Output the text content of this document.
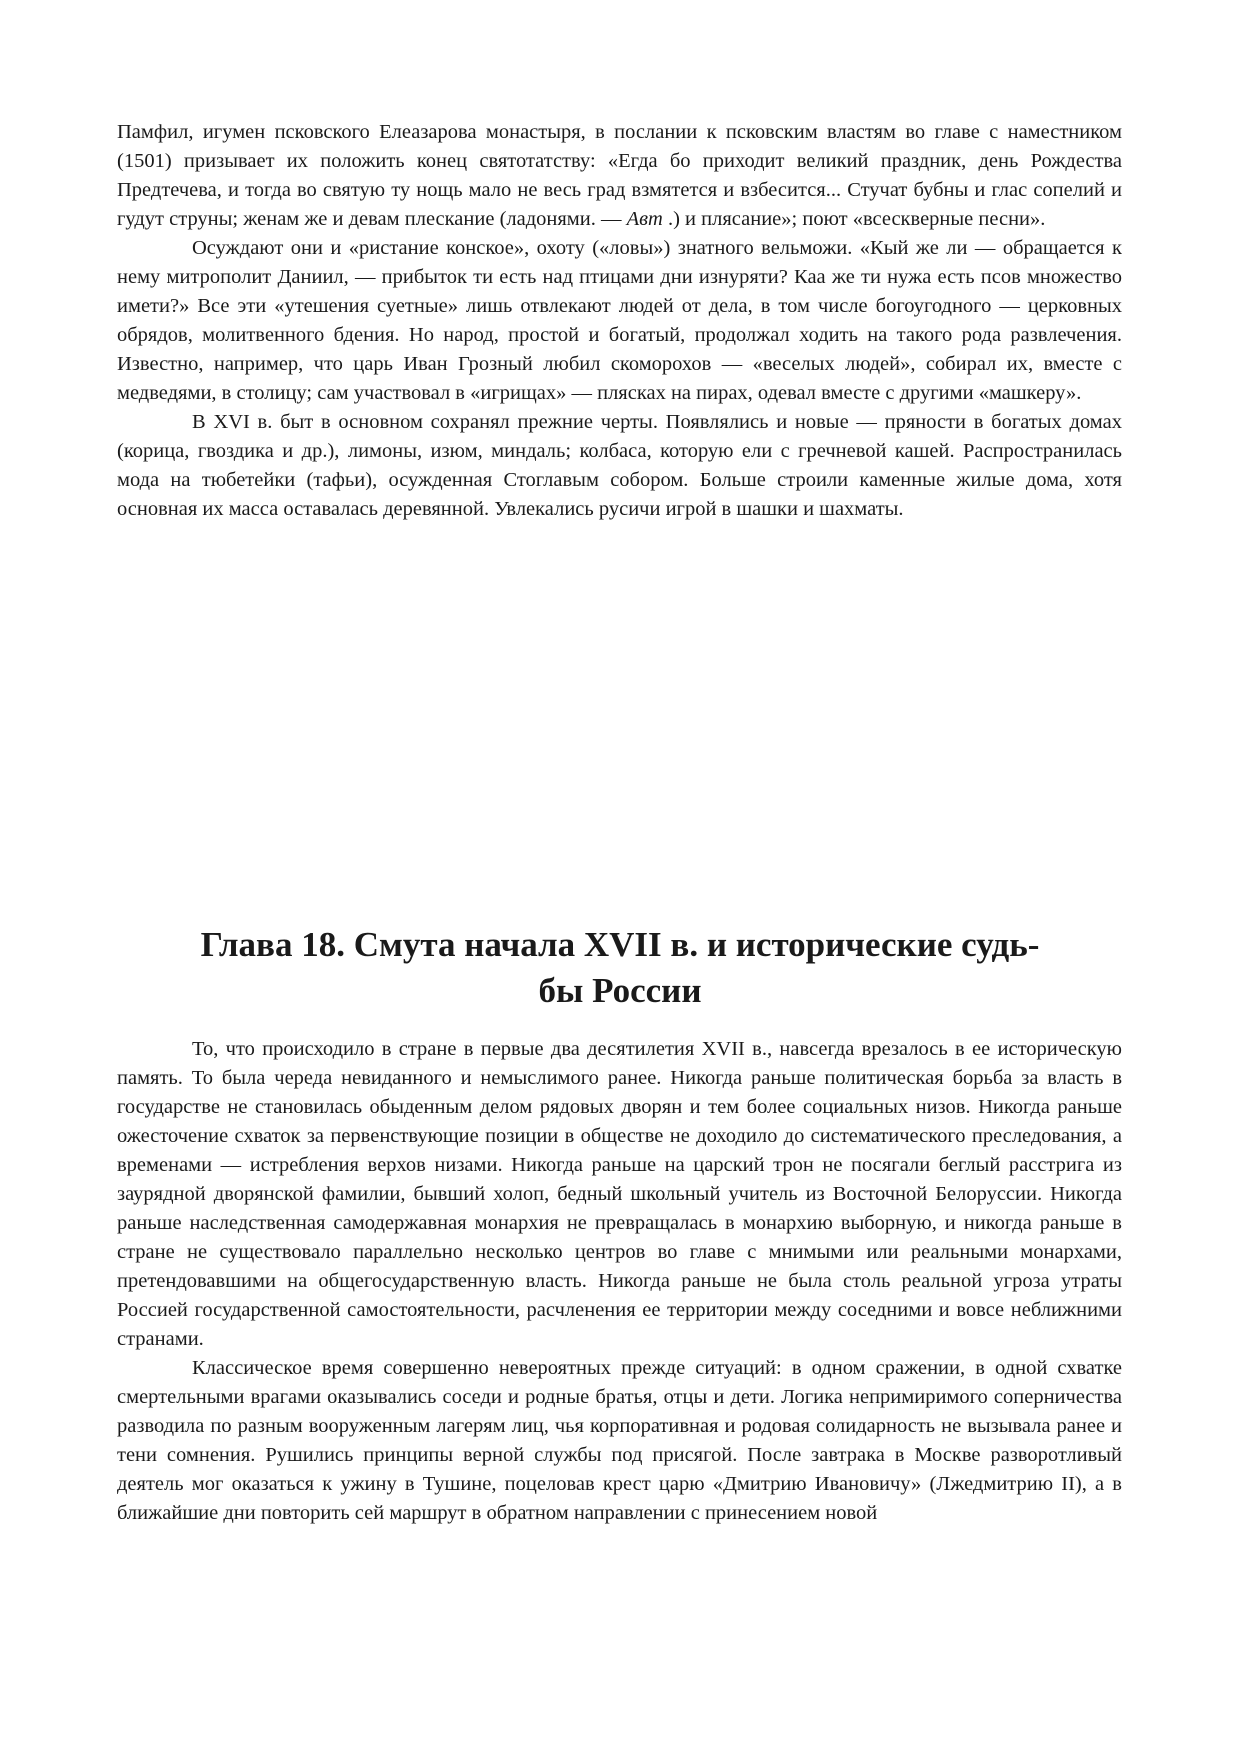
Памфил, игумен псковского Елеазарова монастыря, в послании к псковским властям во главе с наместником (1501) призывает их положить конец святотатству: «Егда бо приходит великий праздник, день Рождества Предтечева, и тогда во святую ту нощь мало не весь град взмятется и взбесится... Стучат бубны и глас сопелий и гудут струны; женам же и девам плескание (ладонями. — Авт .) и плясание»; поют «всескверные песни».

Осуждают они и «ристание конское», охоту («ловы») знатного вельможи. «Кый же ли — обращается к нему митрополит Даниил, — прибыток ти есть над птицами дни изнуряти? Каа же ти нужа есть псов множество имети?» Все эти «утешения суетные» лишь отвлекают людей от дела, в том числе богоугодного — церковных обрядов, молитвенного бдения. Но народ, простой и богатый, продолжал ходить на такого рода развлечения. Известно, например, что царь Иван Грозный любил скоморохов — «веселых людей», собирал их, вместе с медведями, в столицу; сам участвовал в «игрищах» — плясках на пирах, одевал вместе с другими «машкеру».

В XVI в. быт в основном сохранял прежние черты. Появлялись и новые — пряности в богатых домах (корица, гвоздика и др.), лимоны, изюм, миндаль; колбаса, которую ели с гречневой кашей. Распространилась мода на тюбетейки (тафьи), осужденная Стоглавым собором. Больше строили каменные жилые дома, хотя основная их масса оставалась деревянной. Увлекались русичи игрой в шашки и шахматы.

Глава 18. Смута начала XVII в. и исторические судь-
бы России

То, что происходило в стране в первые два десятилетия XVII в., навсегда врезалось в ее историческую память. То была череда невиданного и немыслимого ранее. Никогда раньше политическая борьба за власть в государстве не становилась обыденным делом рядовых дворян и тем более социальных низов. Никогда раньше ожесточение схваток за первенствующие позиции в обществе не доходило до систематического преследования, а временами — истребления верхов низами. Никогда раньше на царский трон не посягали беглый расстрига из заурядной дворянской фамилии, бывший холоп, бедный школьный учитель из Восточной Белоруссии. Никогда раньше наследственная самодержавная монархия не превращалась в монархию выборную, и никогда раньше в стране не существовало параллельно несколько центров во главе с мнимыми или реальными монархами, претендовавшими на общегосударственную власть. Никогда раньше не была столь реальной угроза утраты Россией государственной самостоятельности, расчленения ее территории между соседними и вовсе неближними странами.

Классическое время совершенно невероятных прежде ситуаций: в одном сражении, в одной схватке смертельными врагами оказывались соседи и родные братья, отцы и дети. Логика непримиримого соперничества разводила по разным вооруженным лагерям лиц, чья корпоративная и родовая солидарность не вызывала ранее и тени сомнения. Рушились принципы верной службы под присягой. После завтрака в Москве разворотливый деятель мог оказаться к ужину в Тушине, поцеловав крест царю «Дмитрию Ивановичу» (Лжедмитрию II), а в ближайшие дни повторить сей маршрут в обратном направлении с принесением новой
